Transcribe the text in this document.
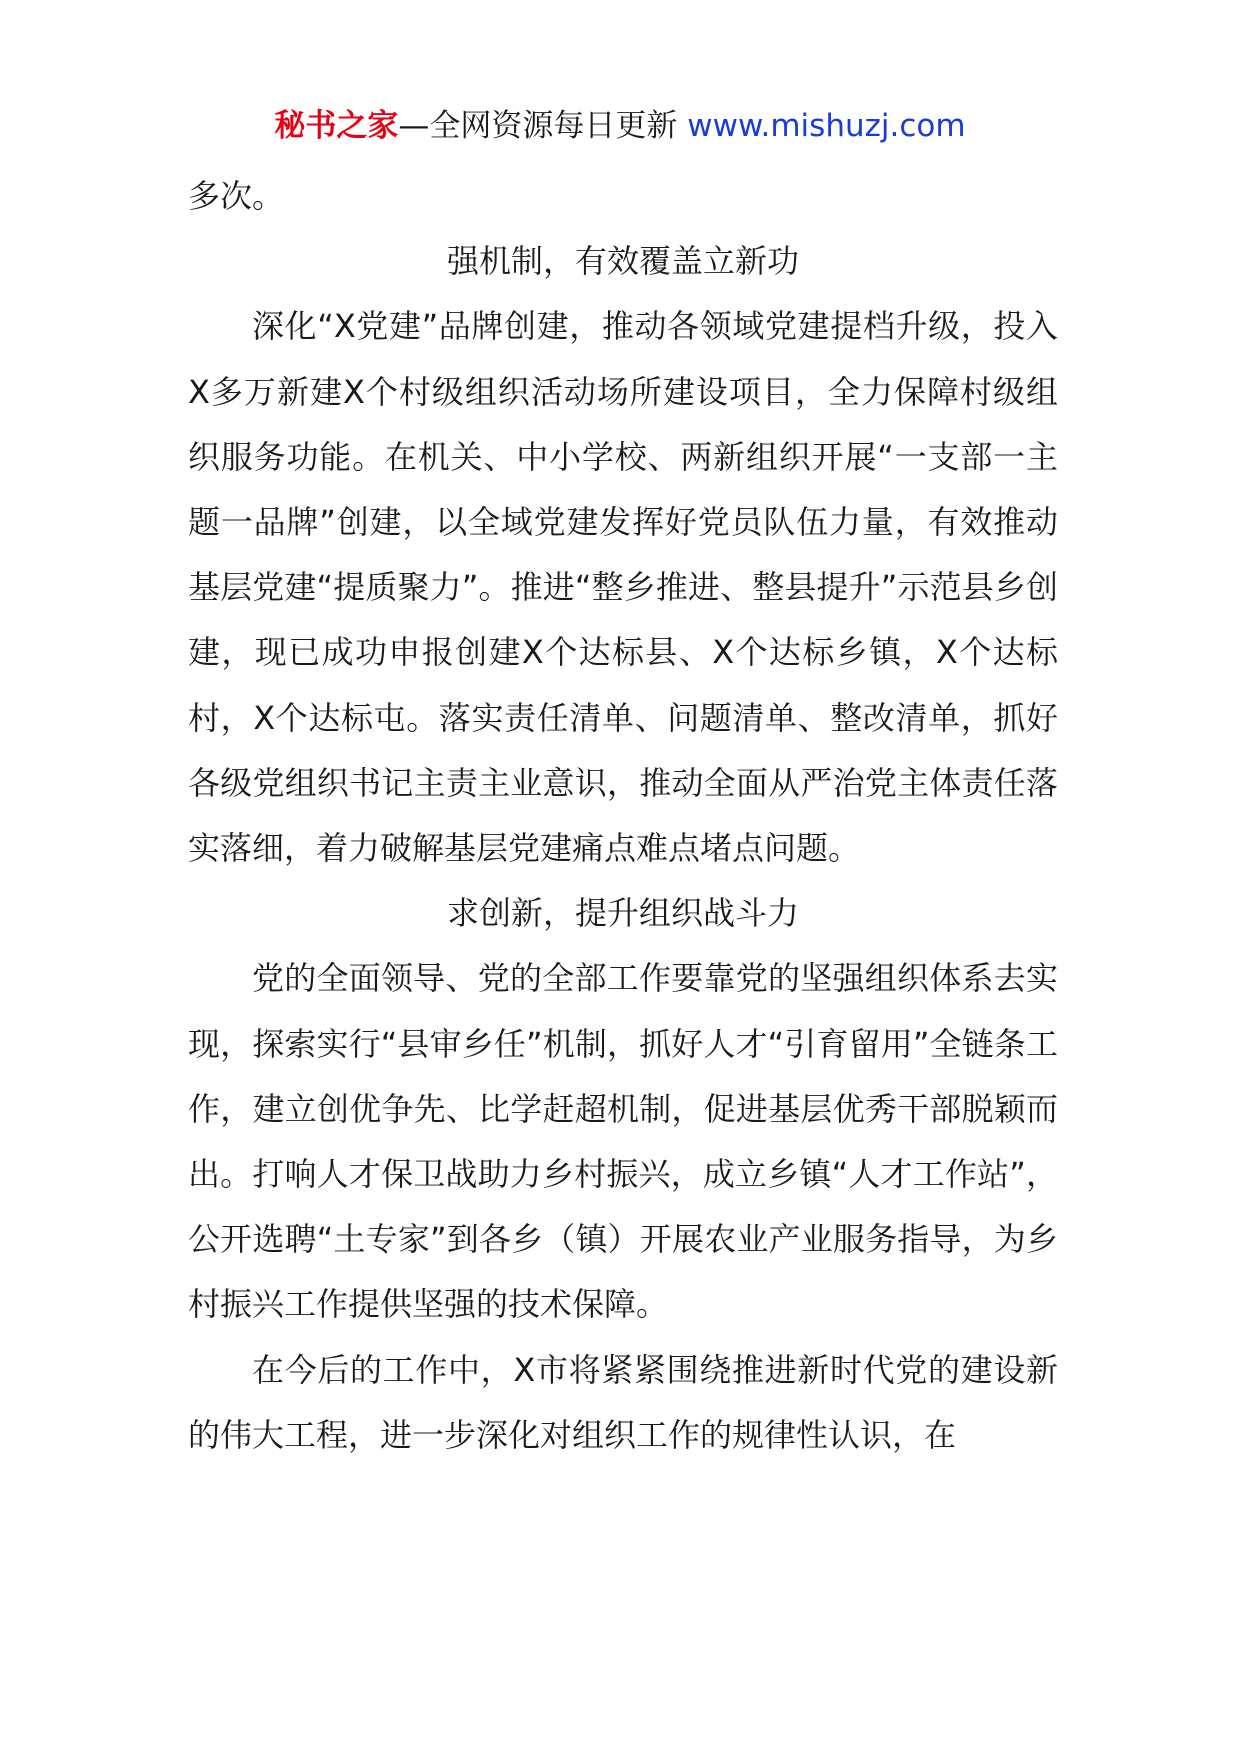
秘书之家—全网资源每日更新 www.mishuzj.com

多次。

强机制，有效覆盖立新功

深化“X党建”品牌创建，推动各领域党建提档升级，投入X多万新建X个村级组织活动场所建设项目，全力保障村级组织服务功能。在机关、中小学校、两新组织开展“一支部一主题一品牌”创建，以全域党建发挥好党员队伍力量，有效推动基层党建“提质聚力”。推进“整乡推进、整县提升”示范县乡创建，现已成功申报创建X个达标县、X个达标乡镇，X个达标村，X个达标屯。落实责任清单、问题清单、整改清单，抓好各级党组织书记主责主业意识，推动全面从严治党主体责任落实落细，着力破解基层党建痛点难点堵点问题。

求创新，提升组织战斗力

党的全面领导、党的全部工作要靠党的坚强组织体系去实现，探索实行“县审乡任”机制，抓好人才“引育留用”全链条工作，建立创优争先、比学赶超机制，促进基层优秀干部脱颖而出。打响人才保卫战助力乡村振兴，成立乡镇“人才工作站”，公开选聘“土专家”到各乡（镇）开展农业产业服务指导，为乡村振兴工作提供坚强的技术保障。

在今后的工作中，X市将紧紧围绕推进新时代党的建设新的伟大工程，进一步深化对组织工作的规律性认识，在
